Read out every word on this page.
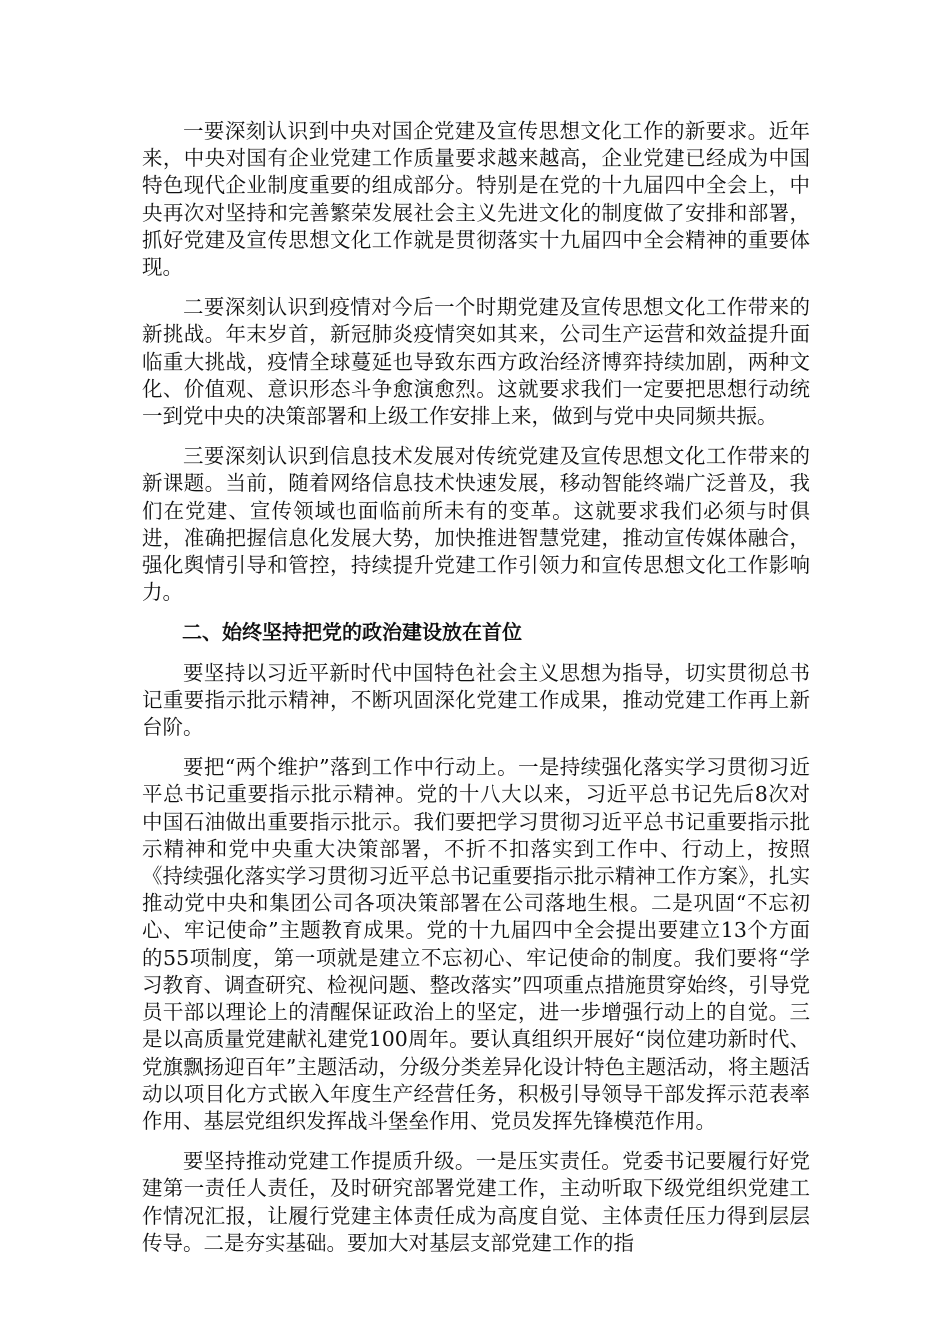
一要深刻认识到中央对国企党建及宣传思想文化工作的新要求。近年来，中央对国有企业党建工作质量要求越来越高，企业党建已经成为中国特色现代企业制度重要的组成部分。特别是在党的十九届四中全会上，中央再次对坚持和完善繁荣发展社会主义先进文化的制度做了安排和部署，抓好党建及宣传思想文化工作就是贯彻落实十九届四中全会精神的重要体现。

二要深刻认识到疫情对今后一个时期党建及宣传思想文化工作带来的新挑战。年末岁首，新冠肺炎疫情突如其来，公司生产运营和效益提升面临重大挑战，疫情全球蔓延也导致东西方政治经济博弈持续加剧，两种文化、价值观、意识形态斗争愈演愈烈。这就要求我们一定要把思想行动统一到党中央的决策部署和上级工作安排上来，做到与党中央同频共振。

三要深刻认识到信息技术发展对传统党建及宣传思想文化工作带来的新课题。当前，随着网络信息技术快速发展，移动智能终端广泛普及，我们在党建、宣传领域也面临前所未有的变革。这就要求我们必须与时俱进，准确把握信息化发展大势，加快推进智慧党建，推动宣传媒体融合，强化舆情引导和管控，持续提升党建工作引领力和宣传思想文化工作影响力。

二、始终坚持把党的政治建设放在首位

要坚持以习近平新时代中国特色社会主义思想为指导，切实贯彻总书记重要指示批示精神，不断巩固深化党建工作成果，推动党建工作再上新台阶。

要把“两个维护”落到工作中行动上。一是持续强化落实学习贯彻习近平总书记重要指示批示精神。党的十八大以来，习近平总书记先后8次对中国石油做出重要指示批示。我们要把学习贯彻习近平总书记重要指示批示精神和党中央重大决策部署，不折不扣落实到工作中、行动上，按照《持续强化落实学习贯彻习近平总书记重要指示批示精神工作方案》，扎实推动党中央和集团公司各项决策部署在公司落地生根。二是巩固“不忘初心、牢记使命”主题教育成果。党的十九届四中全会提出要建立13个方面的55项制度，第一项就是建立不忘初心、牢记使命的制度。我们要将“学习教育、调查研究、检视问题、整改落实”四项重点措施贯穿始终，引导党员干部以理论上的清醒保证政治上的坚定，进一步增强行动上的自觉。三是以高质量党建献礼建党100周年。要认真组织开展好“岗位建功新时代、党旗飘扬迎百年”主题活动，分级分类差异化设计特色主题活动，将主题活动以项目化方式嵌入年度生产经营任务，积极引导领导干部发挥示范表率作用、基层党组织发挥战斗堡垒作用、党员发挥先锋模范作用。

要坚持推动党建工作提质升级。一是压实责任。党委书记要履行好党建第一责任人责任，及时研究部署党建工作，主动听取下级党组织党建工作情况汇报，让履行党建主体责任成为高度自觉、主体责任压力得到层层传导。二是夯实基础。要加大对基层支部党建工作的指
